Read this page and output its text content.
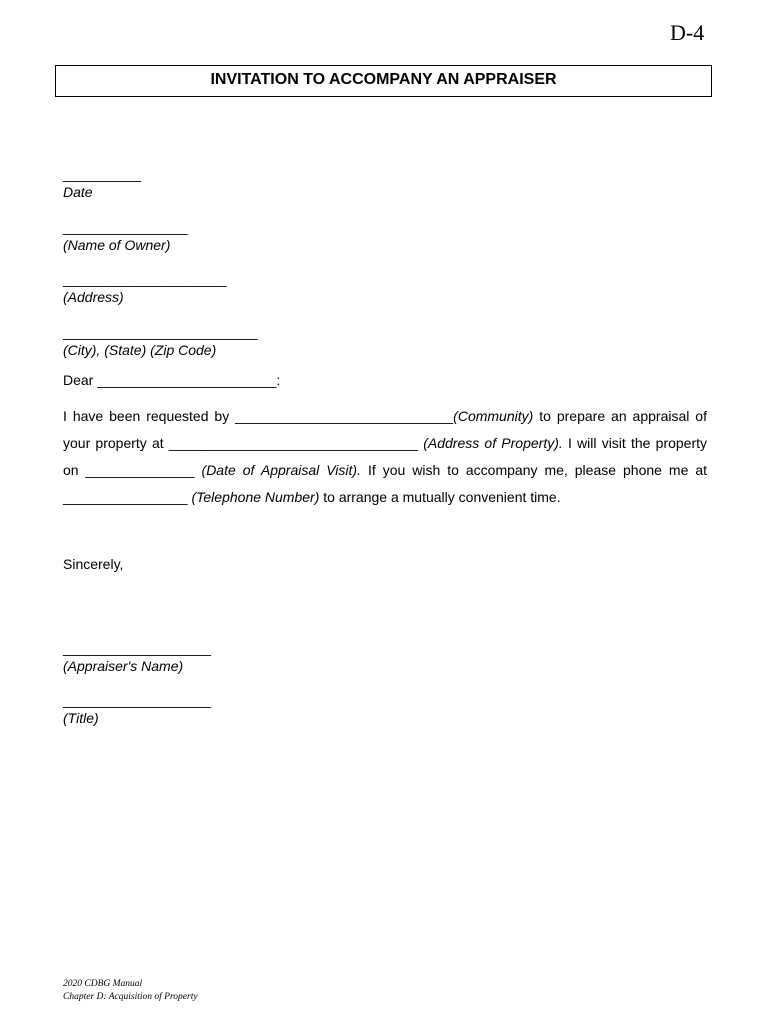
D-4
INVITATION TO ACCOMPANY AN APPRAISER
__________
Date
________________
(Name of Owner)
_____________________
(Address)
_________________________
(City), (State) (Zip Code)
Dear _______________________:
I have been requested by ____________________________(Community) to prepare an appraisal of your property at ________________________________ (Address of Property). I will visit the property on ______________ (Date of Appraisal Visit). If you wish to accompany me, please phone me at ________________ (Telephone Number) to arrange a mutually convenient time.
Sincerely,
___________________
(Appraiser's Name)
___________________
(Title)
2020 CDBG Manual
Chapter D: Acquisition of Property
